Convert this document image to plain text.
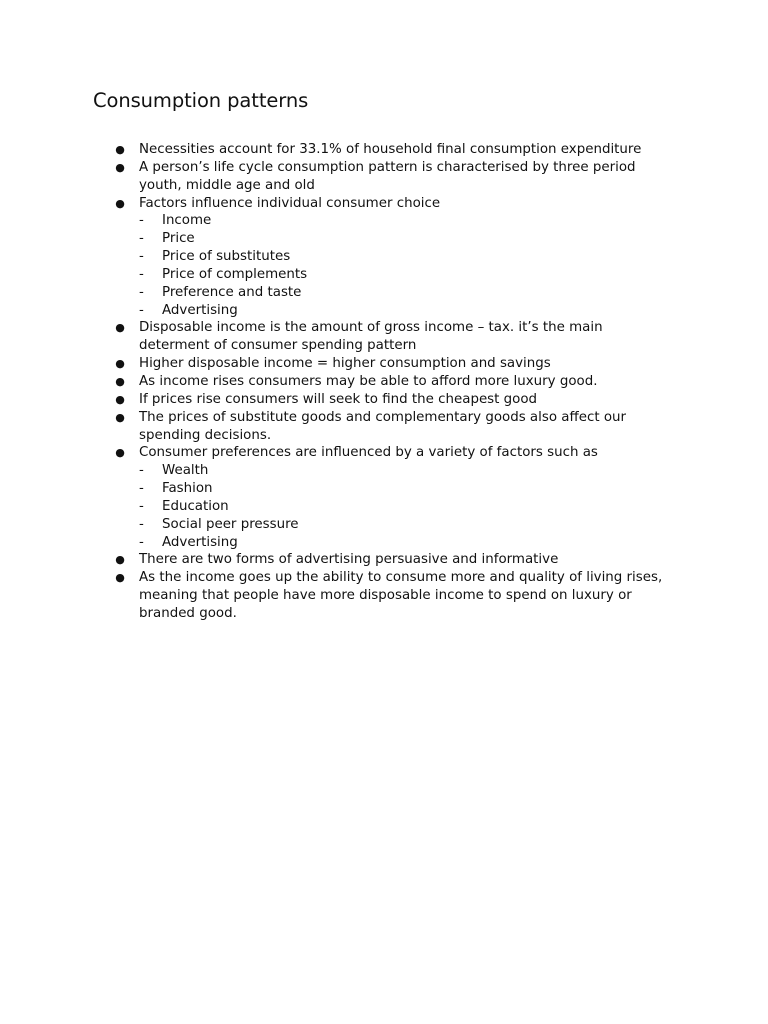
Consumption patterns
● Necessities account for 33.1% of household final consumption expenditure
● A person’s life cycle consumption pattern is characterised by three period youth, middle age and old
● Factors influence individual consumer choice
- Income
- Price
- Price of substitutes
- Price of complements
- Preference and taste
- Advertising
● Disposable income is the amount of gross income – tax. it’s the main determent of consumer spending pattern
● Higher disposable income = higher consumption and savings
● As income rises consumers may be able to afford more luxury good.
● If prices rise consumers will seek to find the cheapest good
● The prices of substitute goods and complementary goods also affect our spending decisions.
● Consumer preferences are influenced by a variety of factors such as
- Wealth
- Fashion
- Education
- Social peer pressure
- Advertising
● There are two forms of advertising persuasive and informative
● As the income goes up the ability to consume more and quality of living rises, meaning that people have more disposable income to spend on luxury or branded good.
